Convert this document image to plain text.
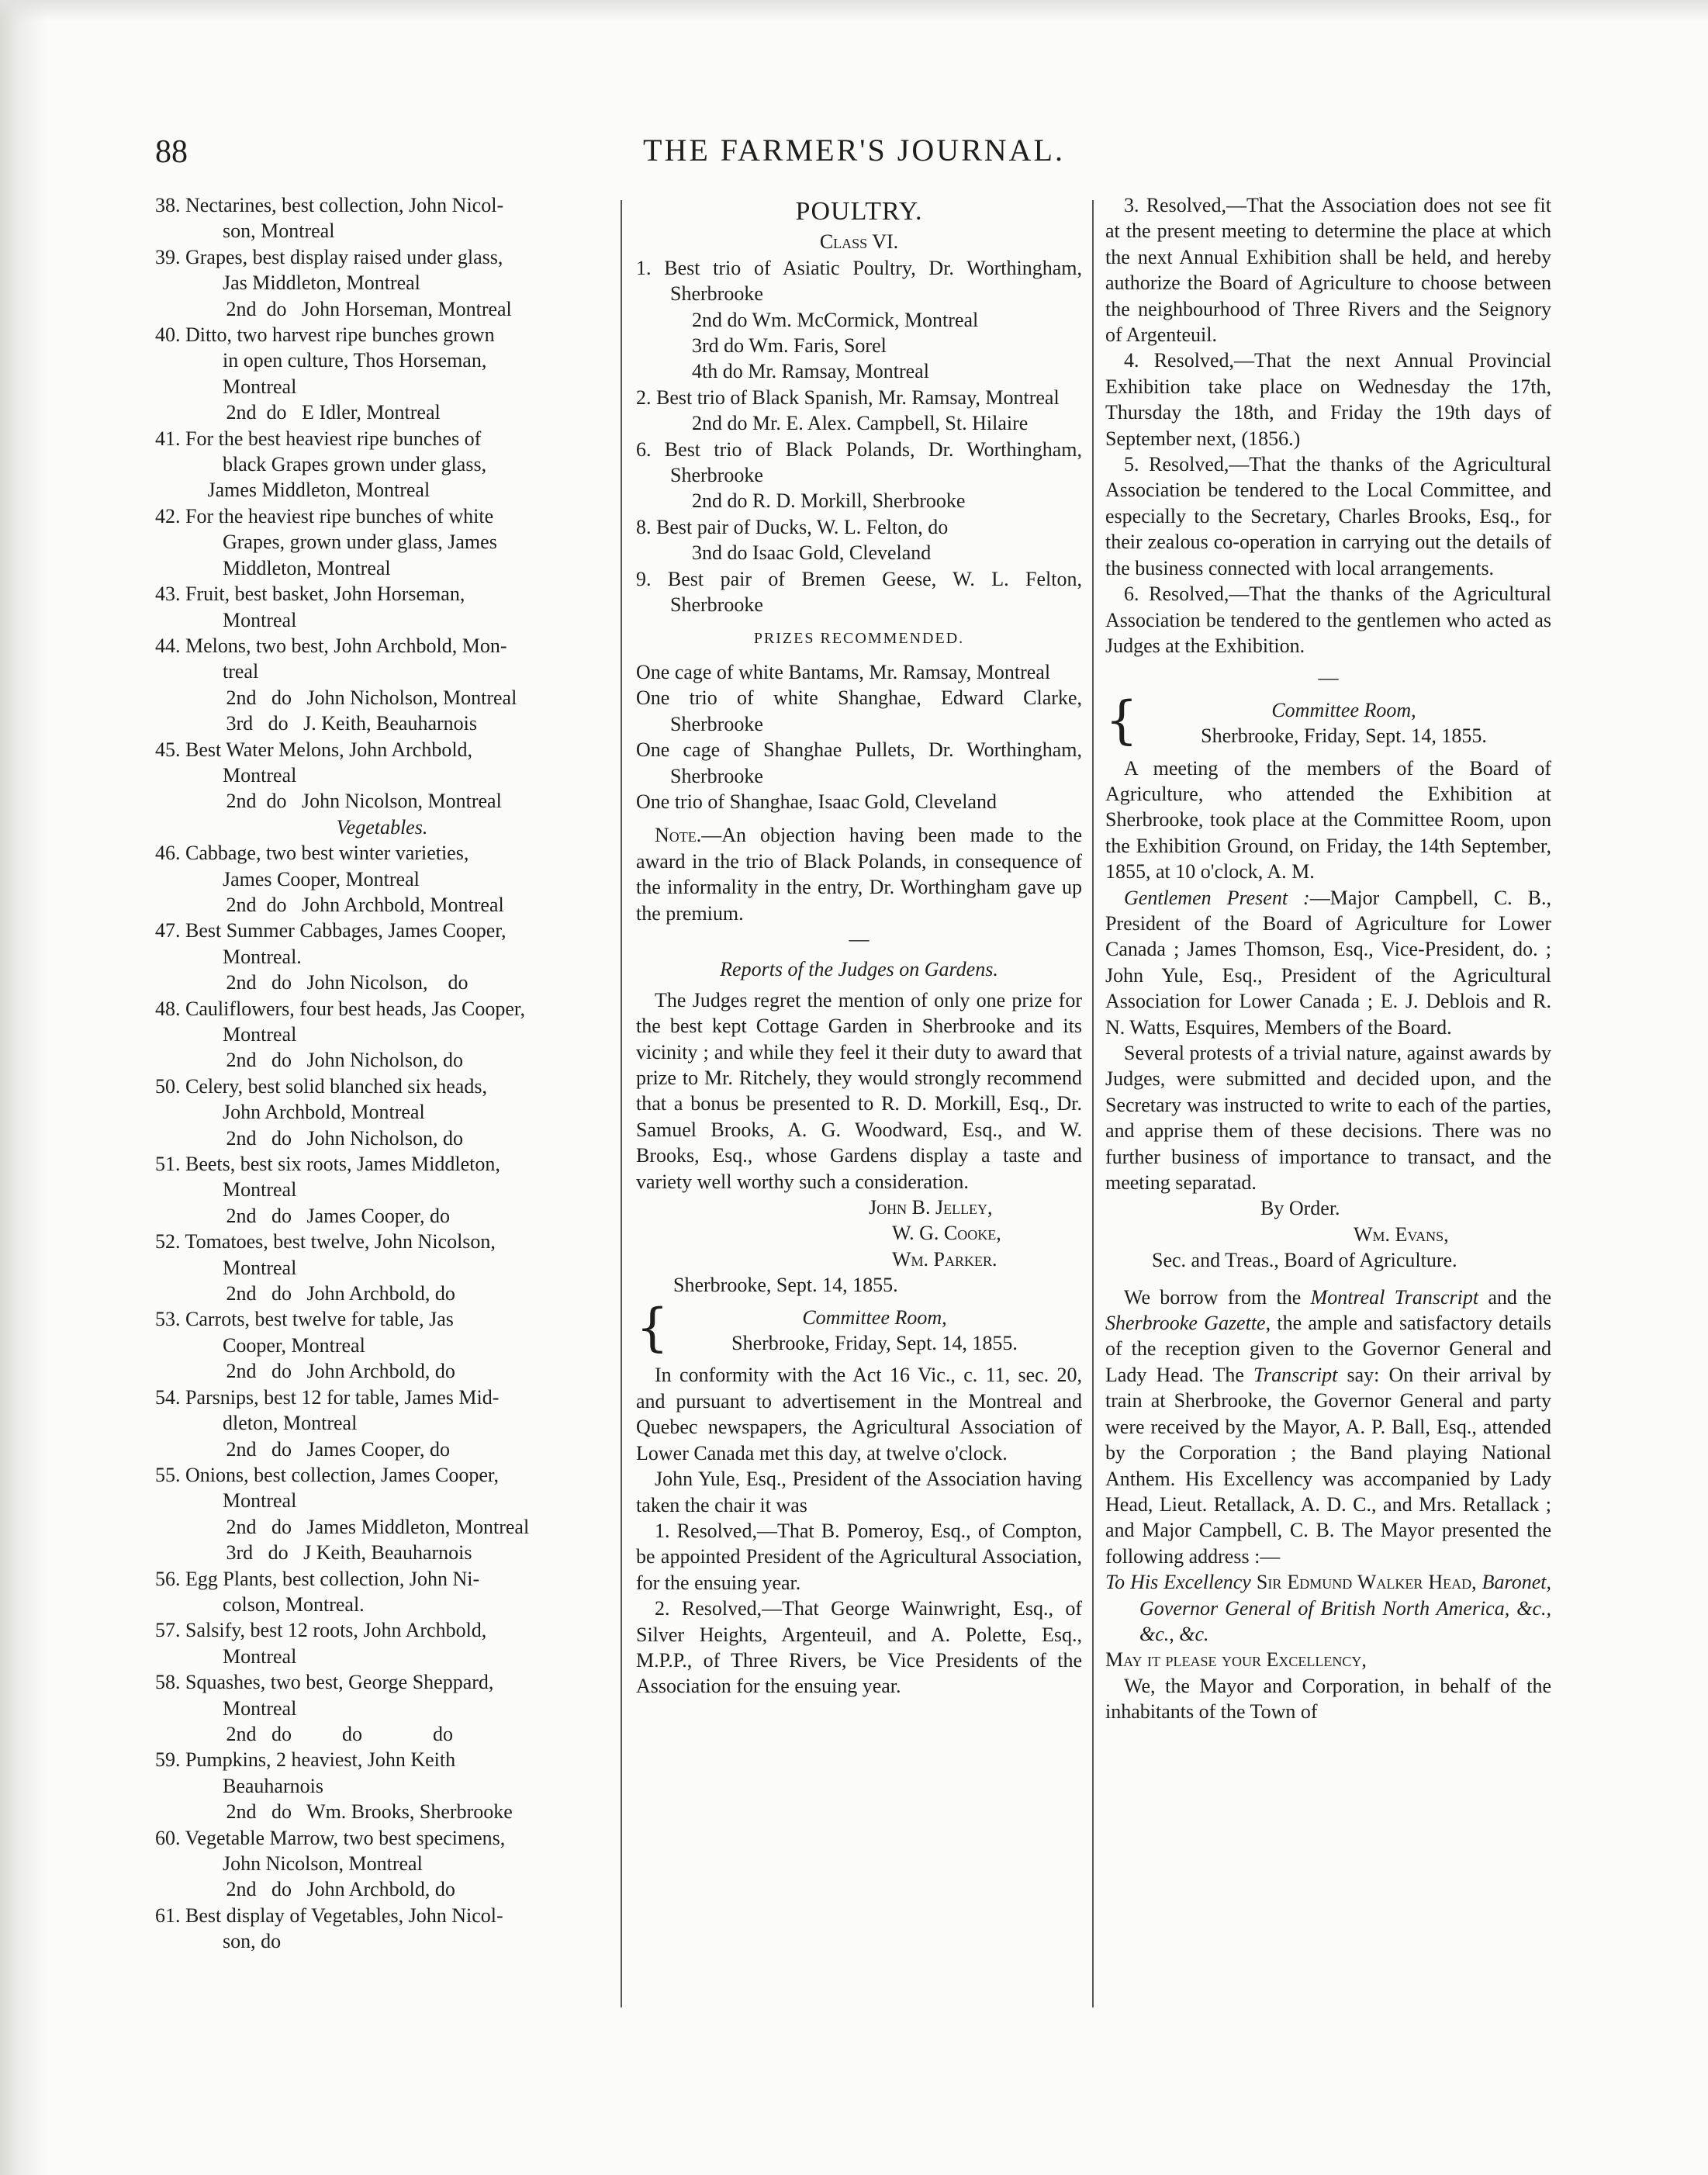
88	THE FARMER'S JOURNAL.
38. Nectarines, best collection, John Nicol-
son, Montreal
39. Grapes, best display raised under glass,
Jas Middleton, Montreal
2nd  do   John Horseman, Montreal
40. Ditto, two harvest ripe bunches grown
in open culture, Thos Horseman,
Montreal
2nd  do   E Idler, Montreal
41. For the best heaviest ripe bunches of
black Grapes grown under glass,
James Middleton, Montreal
42. For the heaviest ripe bunches of white
Grapes, grown under glass, James
Middleton, Montreal
43. Fruit, best basket, John Horseman,
Montreal
44. Melons, two best, John Archbold, Mon-
treal
2nd   do   John Nicholson, Montreal
3rd   do   J. Keith, Beauharnois
45. Best Water Melons, John Archbold,
Montreal
2nd  do   John Nicolson, Montreal
Vegetables.
46. Cabbage, two best winter varieties,
James Cooper, Montreal
2nd  do   John Archbold, Montreal
47. Best Summer Cabbages, James Cooper,
Montreal.
2nd   do   John Nicolson,    do
48. Cauliflowers, four best heads, Jas Cooper,
Montreal
2nd   do   John Nicholson, do
50. Celery, best solid blanched six heads,
John Archbold, Montreal
2nd   do   John Nicholson, do
51. Beets, best six roots, James Middleton,
Montreal
2nd   do   James Cooper, do
52. Tomatoes, best twelve, John Nicolson,
Montreal
2nd   do   John Archbold, do
53. Carrots, best twelve for table, Jas
Cooper, Montreal
2nd   do   John Archbold, do
54. Parsnips, best 12 for table, James Mid-
dleton, Montreal
2nd   do   James Cooper, do
55. Onions, best collection, James Cooper,
Montreal
2nd   do   James Middleton, Montreal
3rd   do   J Keith, Beauharnois
56. Egg Plants, best collection, John Ni-
colson, Montreal.
57. Salsify, best 12 roots, John Archbold,
Montreal
58. Squashes, two best, George Sheppard,
Montreal
2nd   do          do              do
59. Pumpkins, 2 heaviest, John Keith
Beauharnois
2nd   do   Wm. Brooks, Sherbrooke
60. Vegetable Marrow, two best specimens,
John Nicolson, Montreal
2nd   do   John Archbold, do
61. Best display of Vegetables, John Nicol-
son, do
POULTRY.
Class VI.
1. Best trio of Asiatic Poultry, Dr. Worthingham, Sherbrooke
2nd do Wm. McCormick, Montreal
3rd do Wm. Faris, Sorel
4th do Mr. Ramsay, Montreal
2. Best trio of Black Spanish, Mr. Ramsay, Montreal
2nd do Mr. E. Alex. Campbell, St. Hilaire
6. Best trio of Black Polands, Dr. Worthingham, Sherbrooke
2nd do R. D. Morkill, Sherbrooke
8. Best pair of Ducks, W. L. Felton, do
3nd do Isaac Gold, Cleveland
9. Best pair of Bremen Geese, W. L. Felton, Sherbrooke
PRIZES RECOMMENDED.
One cage of white Bantams, Mr. Ramsay, Montreal
One trio of white Shanghae, Edward Clarke, Sherbrooke
One cage of Shanghae Pullets, Dr. Worthingham, Sherbrooke
One trio of Shanghae, Isaac Gold, Cleveland
Note.—An objection having been made to the award in the trio of Black Polands, in consequence of the informality in the entry, Dr. Worthingham gave up the premium.
—
Reports of the Judges on Gardens.
The Judges regret the mention of only one prize for the best kept Cottage Garden in Sherbrooke and its vicinity ; and while they feel it their duty to award that prize to Mr. Ritchely, they would strongly recommend that a bonus be presented to R. D. Morkill, Esq., Dr. Samuel Brooks, A. G. Woodward, Esq., and W. Brooks, Esq., whose Gardens display a taste and variety well worthy such a consideration.
John B. Jelley,
W. G. Cooke,
Wm. Parker.
Sherbrooke, Sept. 14, 1855.
{	Committee Room,
Sherbrooke, Friday, Sept. 14, 1855.
In conformity with the Act 16 Vic., c. 11, sec. 20, and pursuant to advertisement in the Montreal and Quebec newspapers, the Agricultural Association of Lower Canada met this day, at twelve o'clock.
John Yule, Esq., President of the Association having taken the chair it was
1. Resolved,—That B. Pomeroy, Esq., of Compton, be appointed President of the Agricultural Association, for the ensuing year.
2. Resolved,—That George Wainwright, Esq., of Silver Heights, Argenteuil, and A. Polette, Esq., M.P.P., of Three Rivers, be Vice Presidents of the Association for the ensuing year.
3. Resolved,—That the Association does not see fit at the present meeting to determine the place at which the next Annual Exhibition shall be held, and hereby authorize the Board of Agriculture to choose between the neighbourhood of Three Rivers and the Seignory of Argenteuil.
4. Resolved,—That the next Annual Provincial Exhibition take place on Wednesday the 17th, Thursday the 18th, and Friday the 19th days of September next, (1856.)
5. Resolved,—That the thanks of the Agricultural Association be tendered to the Local Committee, and especially to the Secretary, Charles Brooks, Esq., for their zealous co-operation in carrying out the details of the business connected with local arrangements.
6. Resolved,—That the thanks of the Agricultural Association be tendered to the gentlemen who acted as Judges at the Exhibition.
—
{	Committee Room,
Sherbrooke, Friday, Sept. 14, 1855.
A meeting of the members of the Board of Agriculture, who attended the Exhibition at Sherbrooke, took place at the Committee Room, upon the Exhibition Ground, on Friday, the 14th September, 1855, at 10 o'clock, A. M.
Gentlemen Present :—Major Campbell, C. B., President of the Board of Agriculture for Lower Canada ; James Thomson, Esq., Vice-President, do. ; John Yule, Esq., President of the Agricultural Association for Lower Canada ; E. J. Deblois and R. N. Watts, Esquires, Members of the Board.
Several protests of a trivial nature, against awards by Judges, were submitted and decided upon, and the Secretary was instructed to write to each of the parties, and apprise them of these decisions. There was no further business of importance to transact, and the meeting separatad.
By Order.
Wm. Evans,
Sec. and Treas., Board of Agriculture.
We borrow from the Montreal Transcript and the Sherbrooke Gazette, the ample and satisfactory details of the reception given to the Governor General and Lady Head. The Transcript say: On their arrival by train at Sherbrooke, the Governor General and party were received by the Mayor, A. P. Ball, Esq., attended by the Corporation ; the Band playing National Anthem. His Excellency was accompanied by Lady Head, Lieut. Retallack, A. D. C., and Mrs. Retallack ; and Major Campbell, C. B. The Mayor presented the following address :—
To His Excellency Sir Edmund Walker Head, Baronet, Governor General of British North America, &c., &c., &c.
May it please your Excellency,
We, the Mayor and Corporation, in behalf of the inhabitants of the Town of
